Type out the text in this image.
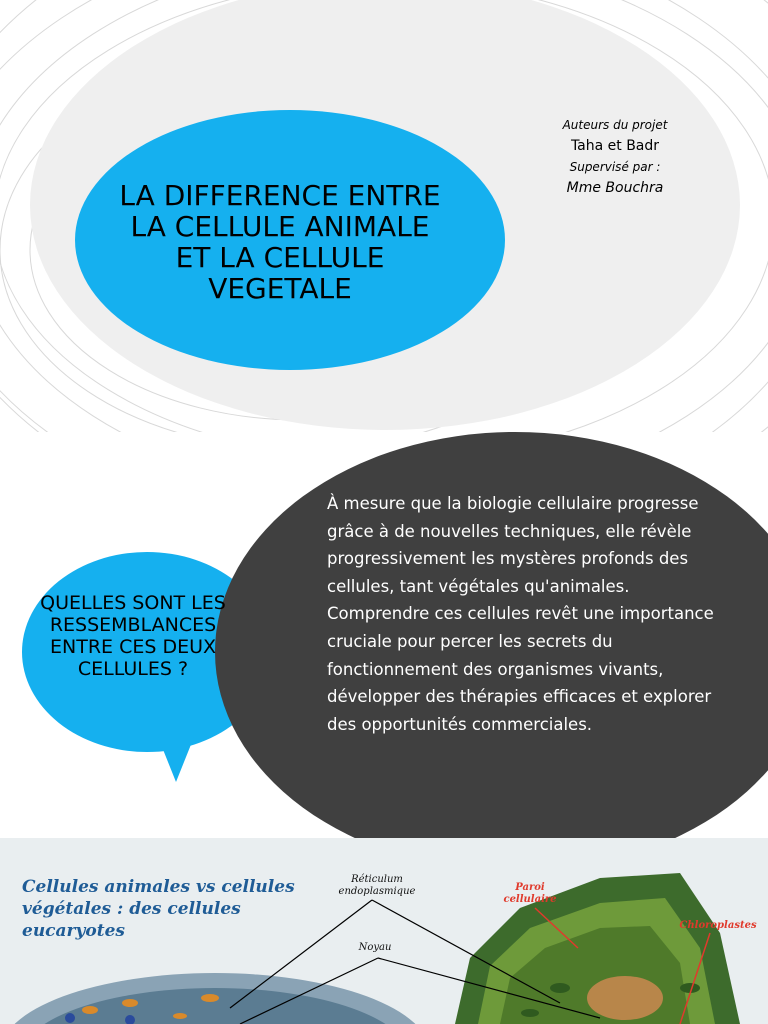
LA DIFFERENCE ENTRE LA CELLULE ANIMALE ET LA CELLULE VEGETALE

Auteurs du projet

Taha et Badr

Supervisé par :

Mme Bouchra

QUELLES SONT LES RESSEMBLANCES ENTRE CES DEUX CELLULES ?

À mesure que la biologie cellulaire progresse grâce à de nouvelles techniques, elle révèle progressivement les mystères profonds des cellules, tant végétales qu'animales. Comprendre ces cellules revêt une importance cruciale pour percer les secrets du fonctionnement des organismes vivants, développer des thérapies efficaces et explorer des opportunités commerciales.

Cellules animales vs cellules végétales : des cellules eucaryotes

Réticulum endoplasmique

Noyau

Paroi cellulaire

Chloroplastes
